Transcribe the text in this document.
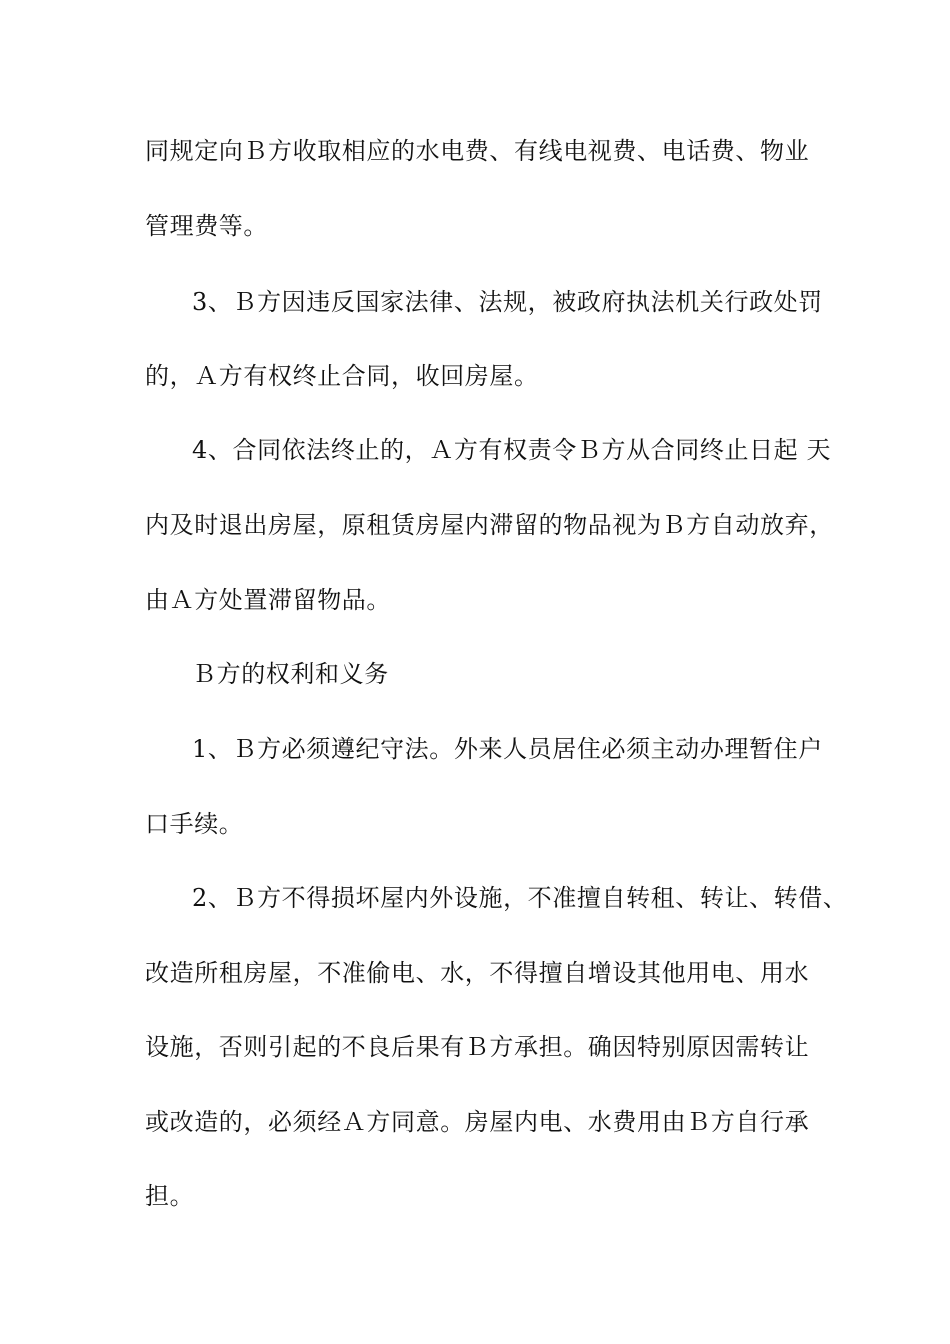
同规定向Ｂ方收取相应的水电费、有线电视费、电话费、物业
管理费等。
3、Ｂ方因违反国家法律、法规，被政府执法机关行政处罚
的，Ａ方有权终止合同，收回房屋。
4、合同依法终止的，Ａ方有权责令Ｂ方从合同终止日起 天
内及时退出房屋，原租赁房屋内滞留的物品视为Ｂ方自动放弃，
由Ａ方处置滞留物品。
Ｂ方的权利和义务
1、Ｂ方必须遵纪守法。外来人员居住必须主动办理暂住户
口手续。
2、Ｂ方不得损坏屋内外设施，不准擅自转租、转让、转借、
改造所租房屋，不准偷电、水，不得擅自增设其他用电、用水
设施，否则引起的不良后果有Ｂ方承担。确因特别原因需转让
或改造的，必须经Ａ方同意。房屋内电、水费用由Ｂ方自行承
担。
